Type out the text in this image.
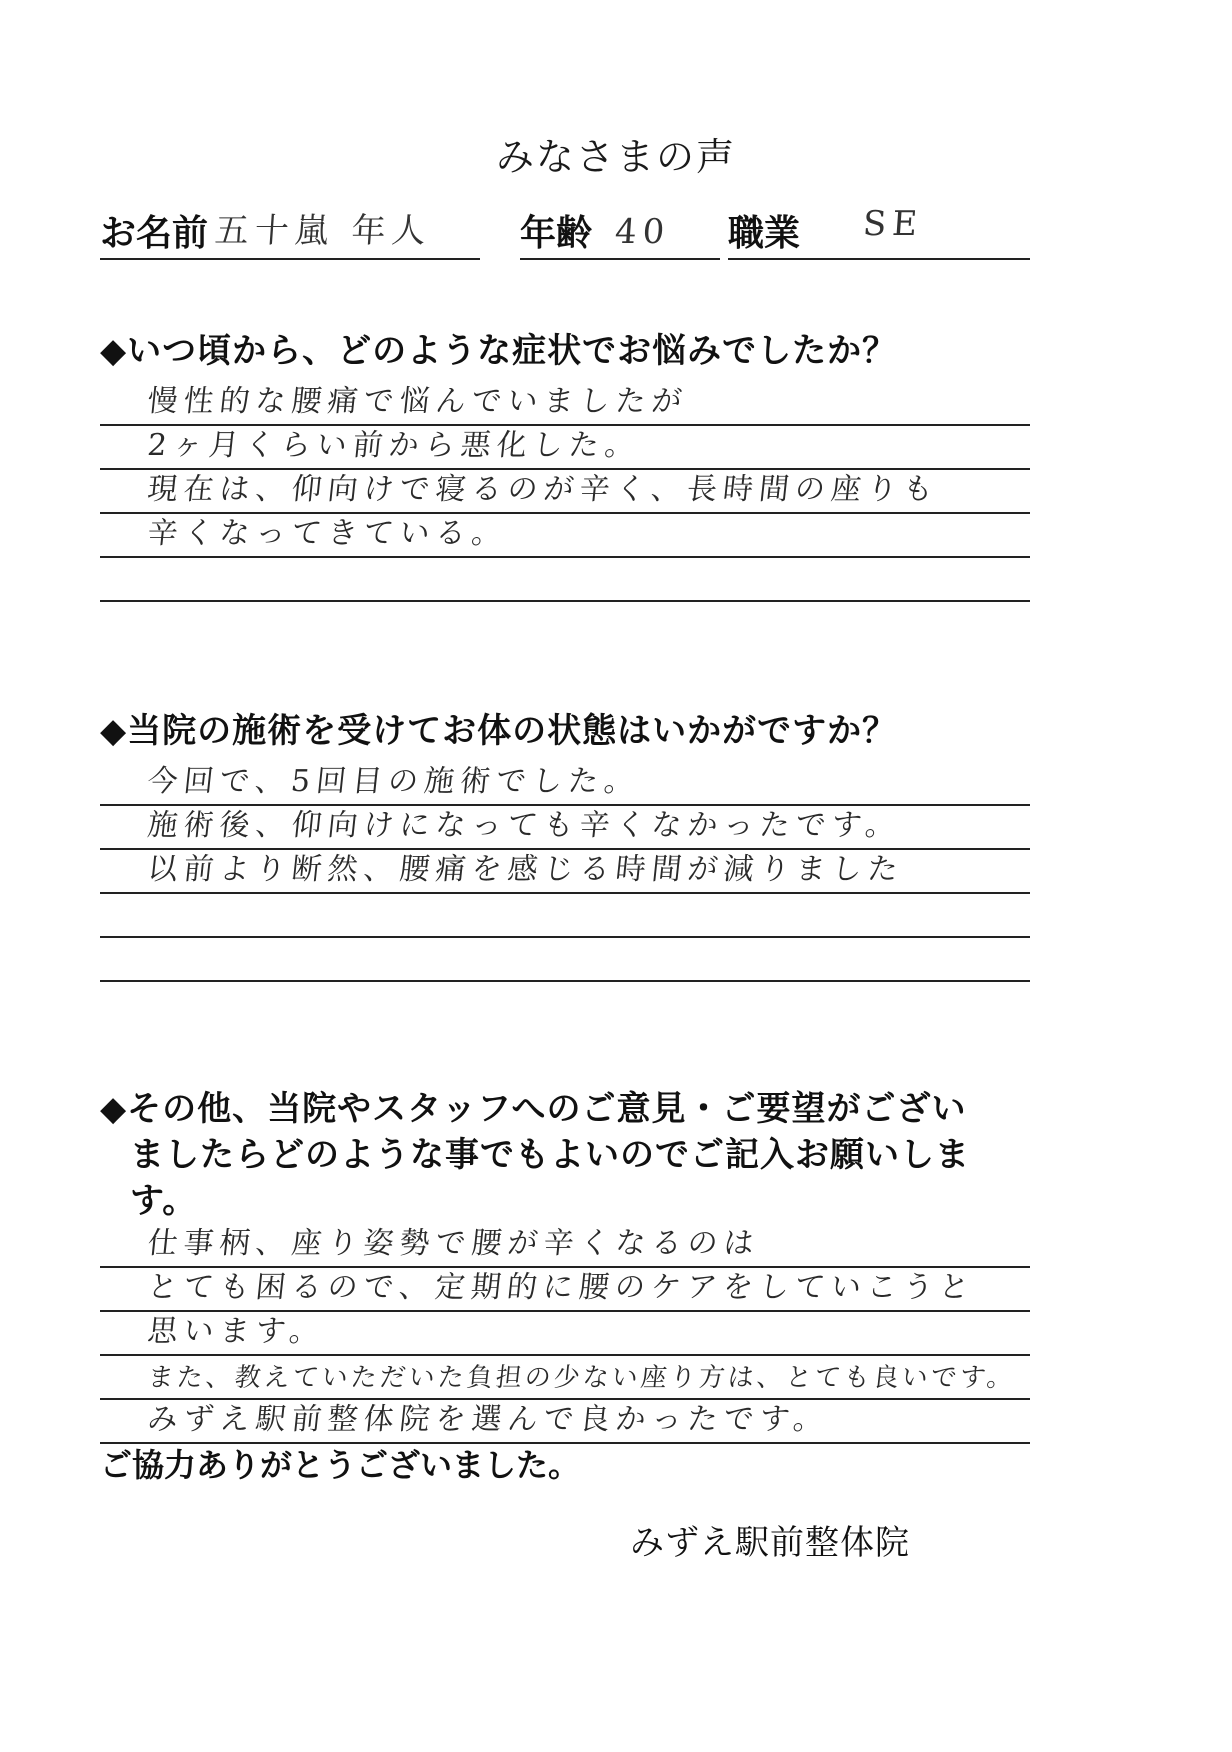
みなさまの声
お名前 五十嵐 年人 年齢 40 職業 SE
◆いつ頃から、どのような症状でお悩みでしたか？
慢性的な腰痛で悩んでいましたが
2ヶ月くらい前から悪化した。
現在は、仰向けで寝るのが辛く、長時間の座りも
辛くなってきている。
◆当院の施術を受けてお体の状態はいかがですか？
今回で、5回目の施術でした。
施術後、仰向けになっても辛くなかったです。
以前より断然、腰痛を感じる時間が減りました
◆その他、当院やスタッフへのご意見・ご要望がござい
ましたらどのような事でもよいのでご記入お願いします。
仕事柄、座り姿勢で腰が辛くなるのは
とても困るので、定期的に腰のケアをしていこうと
思います。
また、教えていただいた負担の少ない座り方は、とても良いです。
みずえ駅前整体院を選んで良かったです。
ご協力ありがとうございました。
みずえ駅前整体院
